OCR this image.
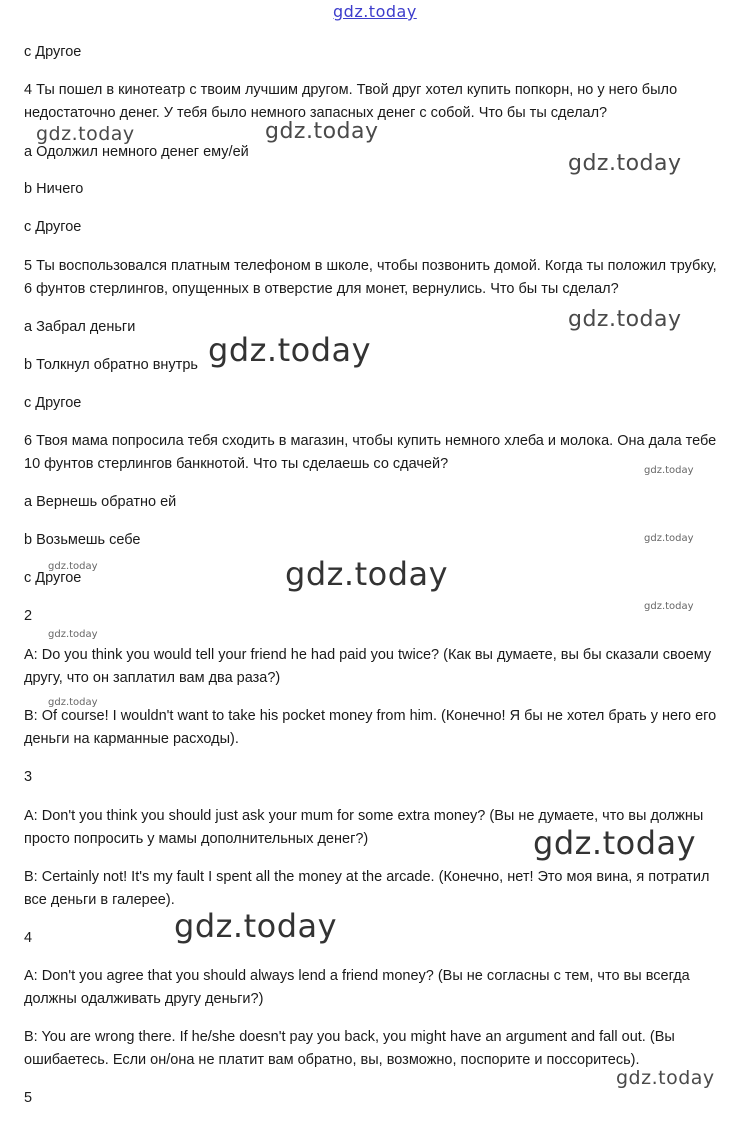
gdz.today

c Другое

4 Ты пошел в кинотеатр с твоим лучшим другом. Твой друг хотел купить попкорн, но у него было недостаточно денег. У тебя было немного запасных денег с собой. Что бы ты сделал?

a Одолжил немного денег ему/ей

b Ничего

c Другое

5 Ты воспользовался платным телефоном в школе, чтобы позвонить домой. Когда ты положил трубку, 6 фунтов стерлингов, опущенных в отверстие для монет, вернулись. Что бы ты сделал?

a Забрал деньги

b Толкнул обратно внутрь

c Другое

6 Твоя мама попросила тебя сходить в магазин, чтобы купить немного хлеба и молока. Она дала тебе 10 фунтов стерлингов банкнотой. Что ты сделаешь со сдачей?

a Вернешь обратно ей

b Возьмешь себе

c Другое

2

A: Do you think you would tell your friend he had paid you twice? (Как вы думаете, вы бы сказали своему другу, что он заплатил вам два раза?)

B: Of course! I wouldn't want to take his pocket money from him. (Конечно! Я бы не хотел брать у него его деньги на карманные расходы).

3

A: Don't you think you should just ask your mum for some extra money? (Вы не думаете, что вы должны просто попросить у мамы дополнительных денег?)

B: Certainly not! It's my fault I spent all the money at the arcade. (Конечно, нет! Это моя вина, я потратил все деньги в галерее).

4

A: Don't you agree that you should always lend a friend money? (Вы не согласны с тем, что вы всегда должны одалживать другу деньги?)

B: You are wrong there. If he/she doesn't pay you back, you might have an argument and fall out. (Вы ошибаетесь. Если он/она не платит вам обратно, вы, возможно, поспорите и поссоритесь).

5

gdz.today	gdz.today
gdz.today
gdz.today
gdz.today
gdz.today
gdz.today
gdz.today	gdz.today
gdz.today
gdz.today
gdz.today
gdz.today
gdz.today
gdz.today
